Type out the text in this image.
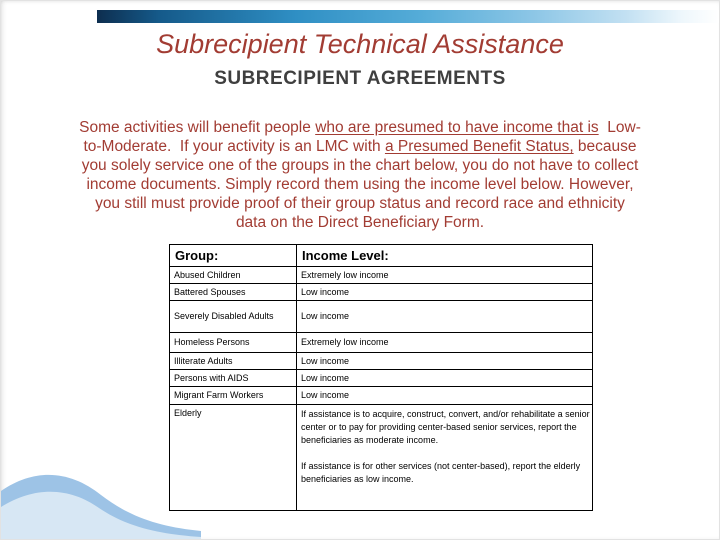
Subrecipient Technical Assistance
SUBRECIPIENT AGREEMENTS
Some activities will benefit people who are presumed to have income that is  Low-
to-Moderate.  If your activity is an LMC with a Presumed Benefit Status, because
you solely service one of the groups in the chart below, you do not have to collect
income documents. Simply record them using the income level below. However,
you still must provide proof of their group status and record race and ethnicity
data on the Direct Beneficiary Form.
Group:	Income Level:
Abused Children	Extremely low income
Battered Spouses	Low income
Severely Disabled Adults	Low income
Homeless Persons	Extremely low income
Illiterate Adults	Low income
Persons with AIDS	Low income
Migrant Farm Workers	Low income
Elderly	If assistance is to acquire, construct, convert, and/or rehabilitate a senior center or to pay for providing center-based senior services, report the beneficiaries as moderate income.

If assistance is for other services (not center-based), report the elderly beneficiaries as low income.
